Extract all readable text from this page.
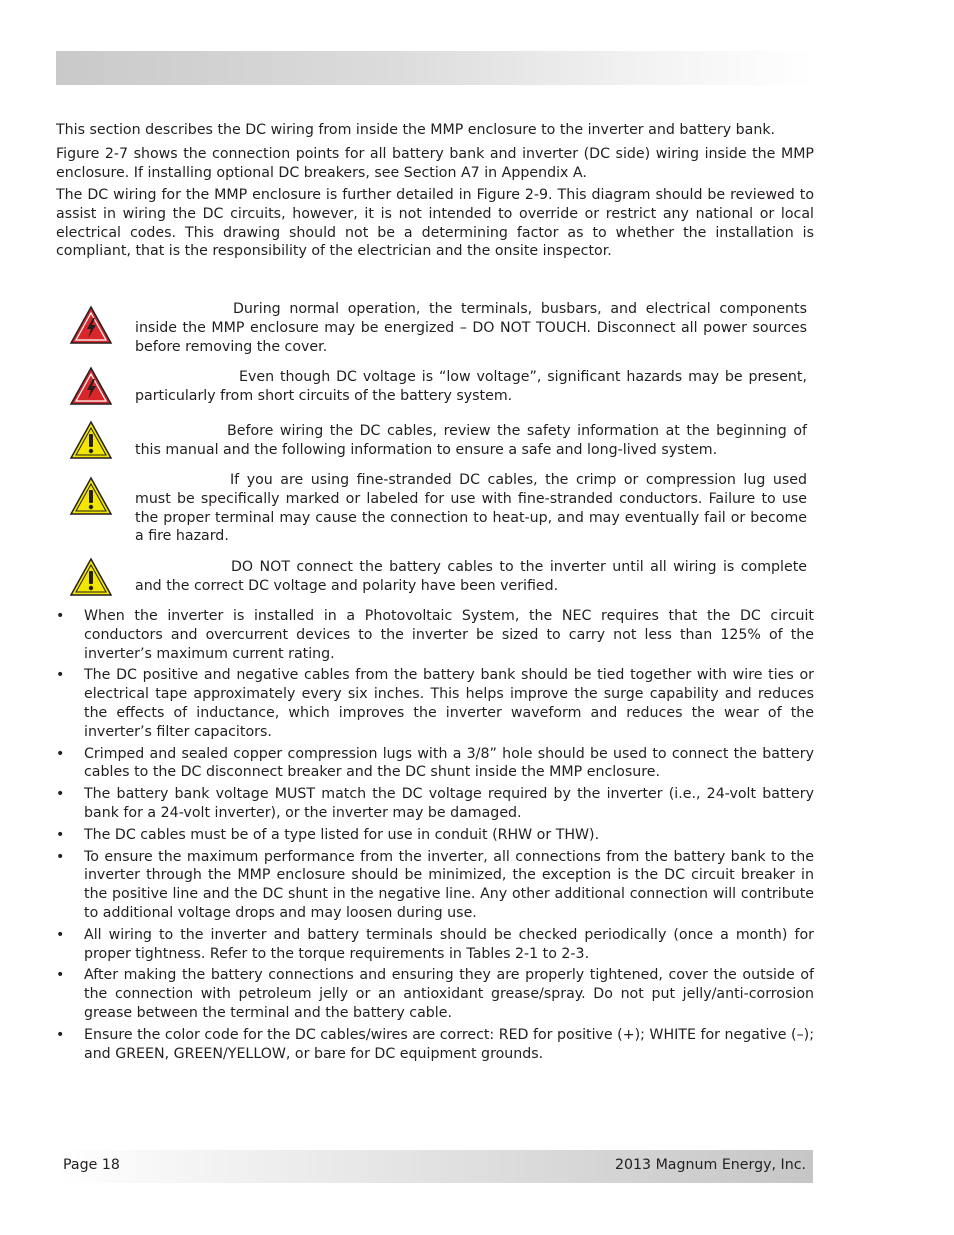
This section describes the DC wiring from inside the MMP enclosure to the inverter and battery bank.

Figure 2-7 shows the connection points for all battery bank and inverter (DC side) wiring inside the MMP enclosure. If installing optional DC breakers, see Section A7 in Appendix A.

The DC wiring for the MMP enclosure is further detailed in Figure 2-9. This diagram should be reviewed to assist in wiring the DC circuits, however, it is not intended to override or restrict any national or local electrical codes. This drawing should not be a determining factor as to whether the installation is compliant, that is the responsibility of the electrician and the onsite inspector.

During normal operation, the terminals, busbars, and electrical components inside the MMP enclosure may be energized – DO NOT TOUCH. Disconnect all power sources before removing the cover.

Even though DC voltage is “low voltage”, significant hazards may be present, particularly from short circuits of the battery system.

Before wiring the DC cables, review the safety information at the beginning of this manual and the following information to ensure a safe and long-lived system.

If you are using fine-stranded DC cables, the crimp or compression lug used must be specifically marked or labeled for use with fine-stranded conductors. Failure to use the proper terminal may cause the connection to heat-up, and may eventually fail or become a fire hazard.

DO NOT connect the battery cables to the inverter until all wiring is complete and the correct DC voltage and polarity have been verified.

• When the inverter is installed in a Photovoltaic System, the NEC requires that the DC circuit conductors and overcurrent devices to the inverter be sized to carry not less than 125% of the inverter’s maximum current rating.
• The DC positive and negative cables from the battery bank should be tied together with wire ties or electrical tape approximately every six inches. This helps improve the surge capability and reduces the effects of inductance, which improves the inverter waveform and reduces the wear of the inverter’s filter capacitors.
• Crimped and sealed copper compression lugs with a 3/8” hole should be used to connect the battery cables to the DC disconnect breaker and the DC shunt inside the MMP enclosure.
• The battery bank voltage MUST match the DC voltage required by the inverter (i.e., 24-volt battery bank for a 24-volt inverter), or the inverter may be damaged.
• The DC cables must be of a type listed for use in conduit (RHW or THW).
• To ensure the maximum performance from the inverter, all connections from the battery bank to the inverter through the MMP enclosure should be minimized, the exception is the DC circuit breaker in the positive line and the DC shunt in the negative line. Any other additional connection will contribute to additional voltage drops and may loosen during use.
• All wiring to the inverter and battery terminals should be checked periodically (once a month) for proper tightness. Refer to the torque requirements in Tables 2-1 to 2-3.
• After making the battery connections and ensuring they are properly tightened, cover the outside of the connection with petroleum jelly or an antioxidant grease/spray. Do not put jelly/anti-corrosion grease between the terminal and the battery cable.
• Ensure the color code for the DC cables/wires are correct: RED for positive (+); WHITE for negative (–); and GREEN, GREEN/YELLOW, or bare for DC equipment grounds.
Page 18	2013 Magnum Energy, Inc.
